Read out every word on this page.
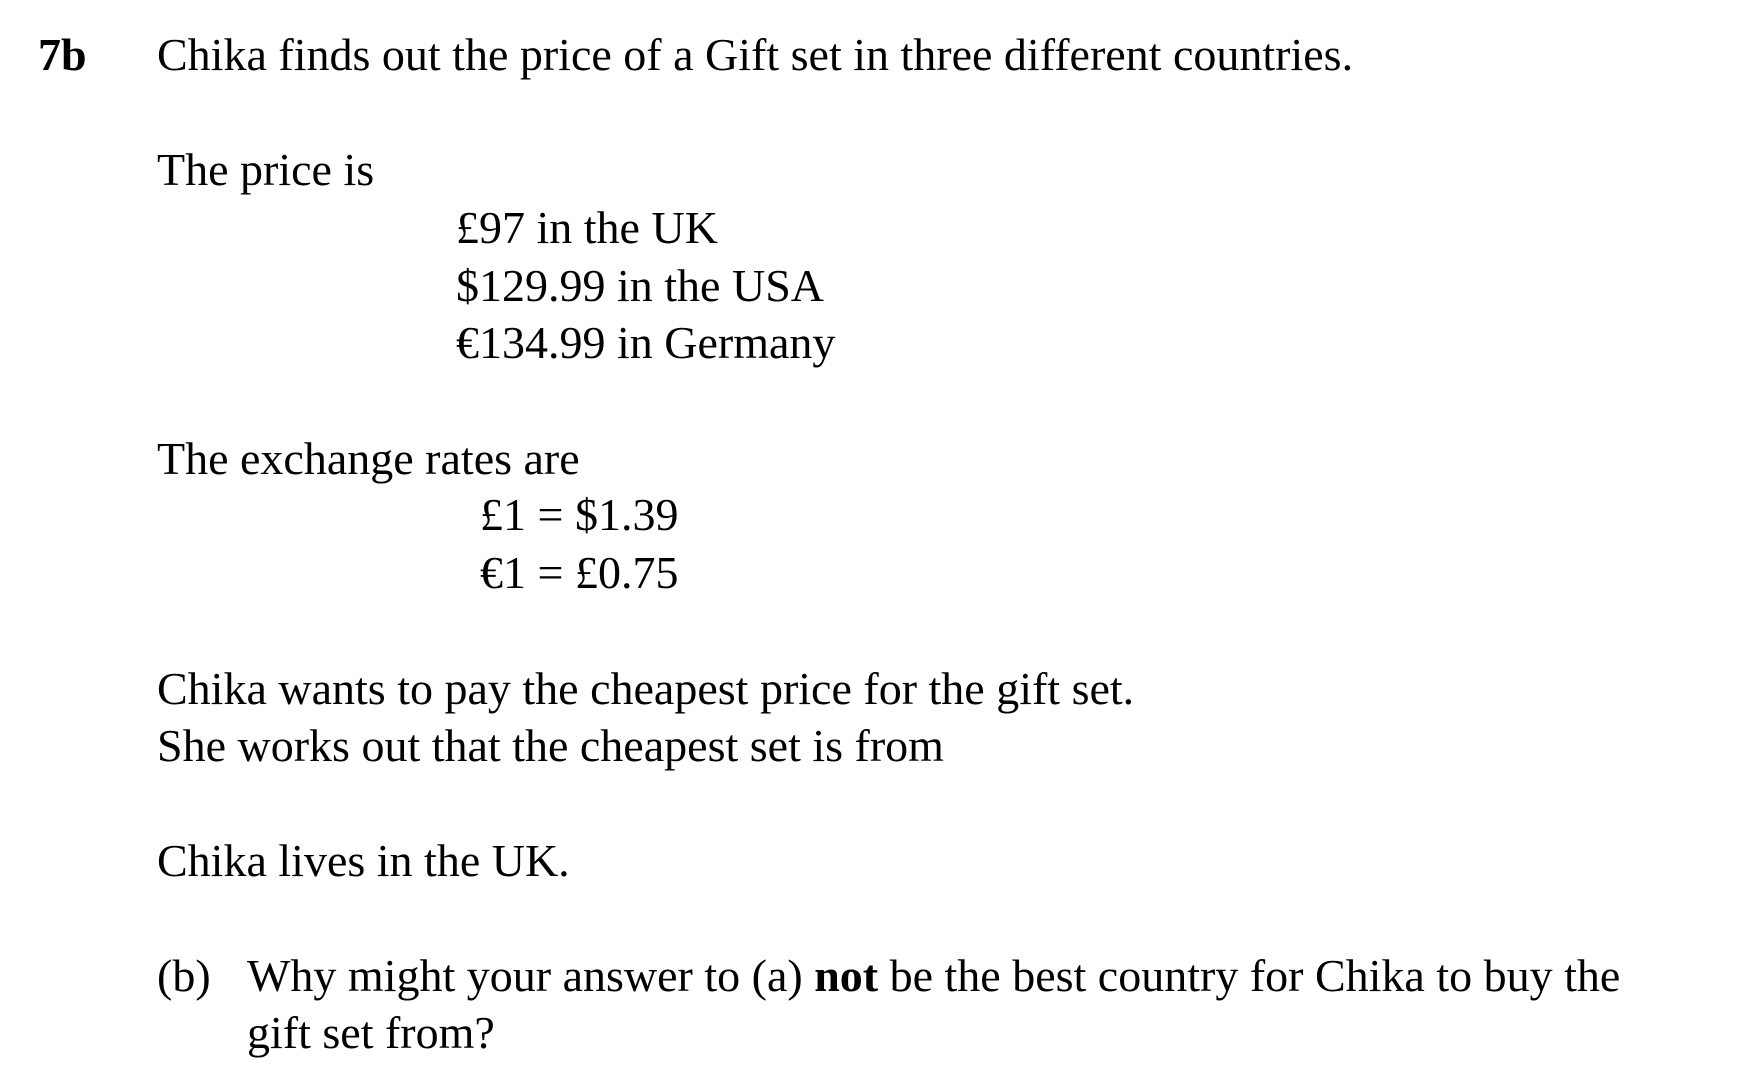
7b Chika finds out the price of a Gift set in three different countries.
The price is
£97 in the UK
$129.99 in the USA
€134.99 in Germany
The exchange rates are
£1 = $1.39
€1 = £0.75
Chika wants to pay the cheapest price for the gift set.
She works out that the cheapest set is from
Chika lives in the UK.
(b) Why might your answer to (a) not be the best country for Chika to buy the
gift set from?
